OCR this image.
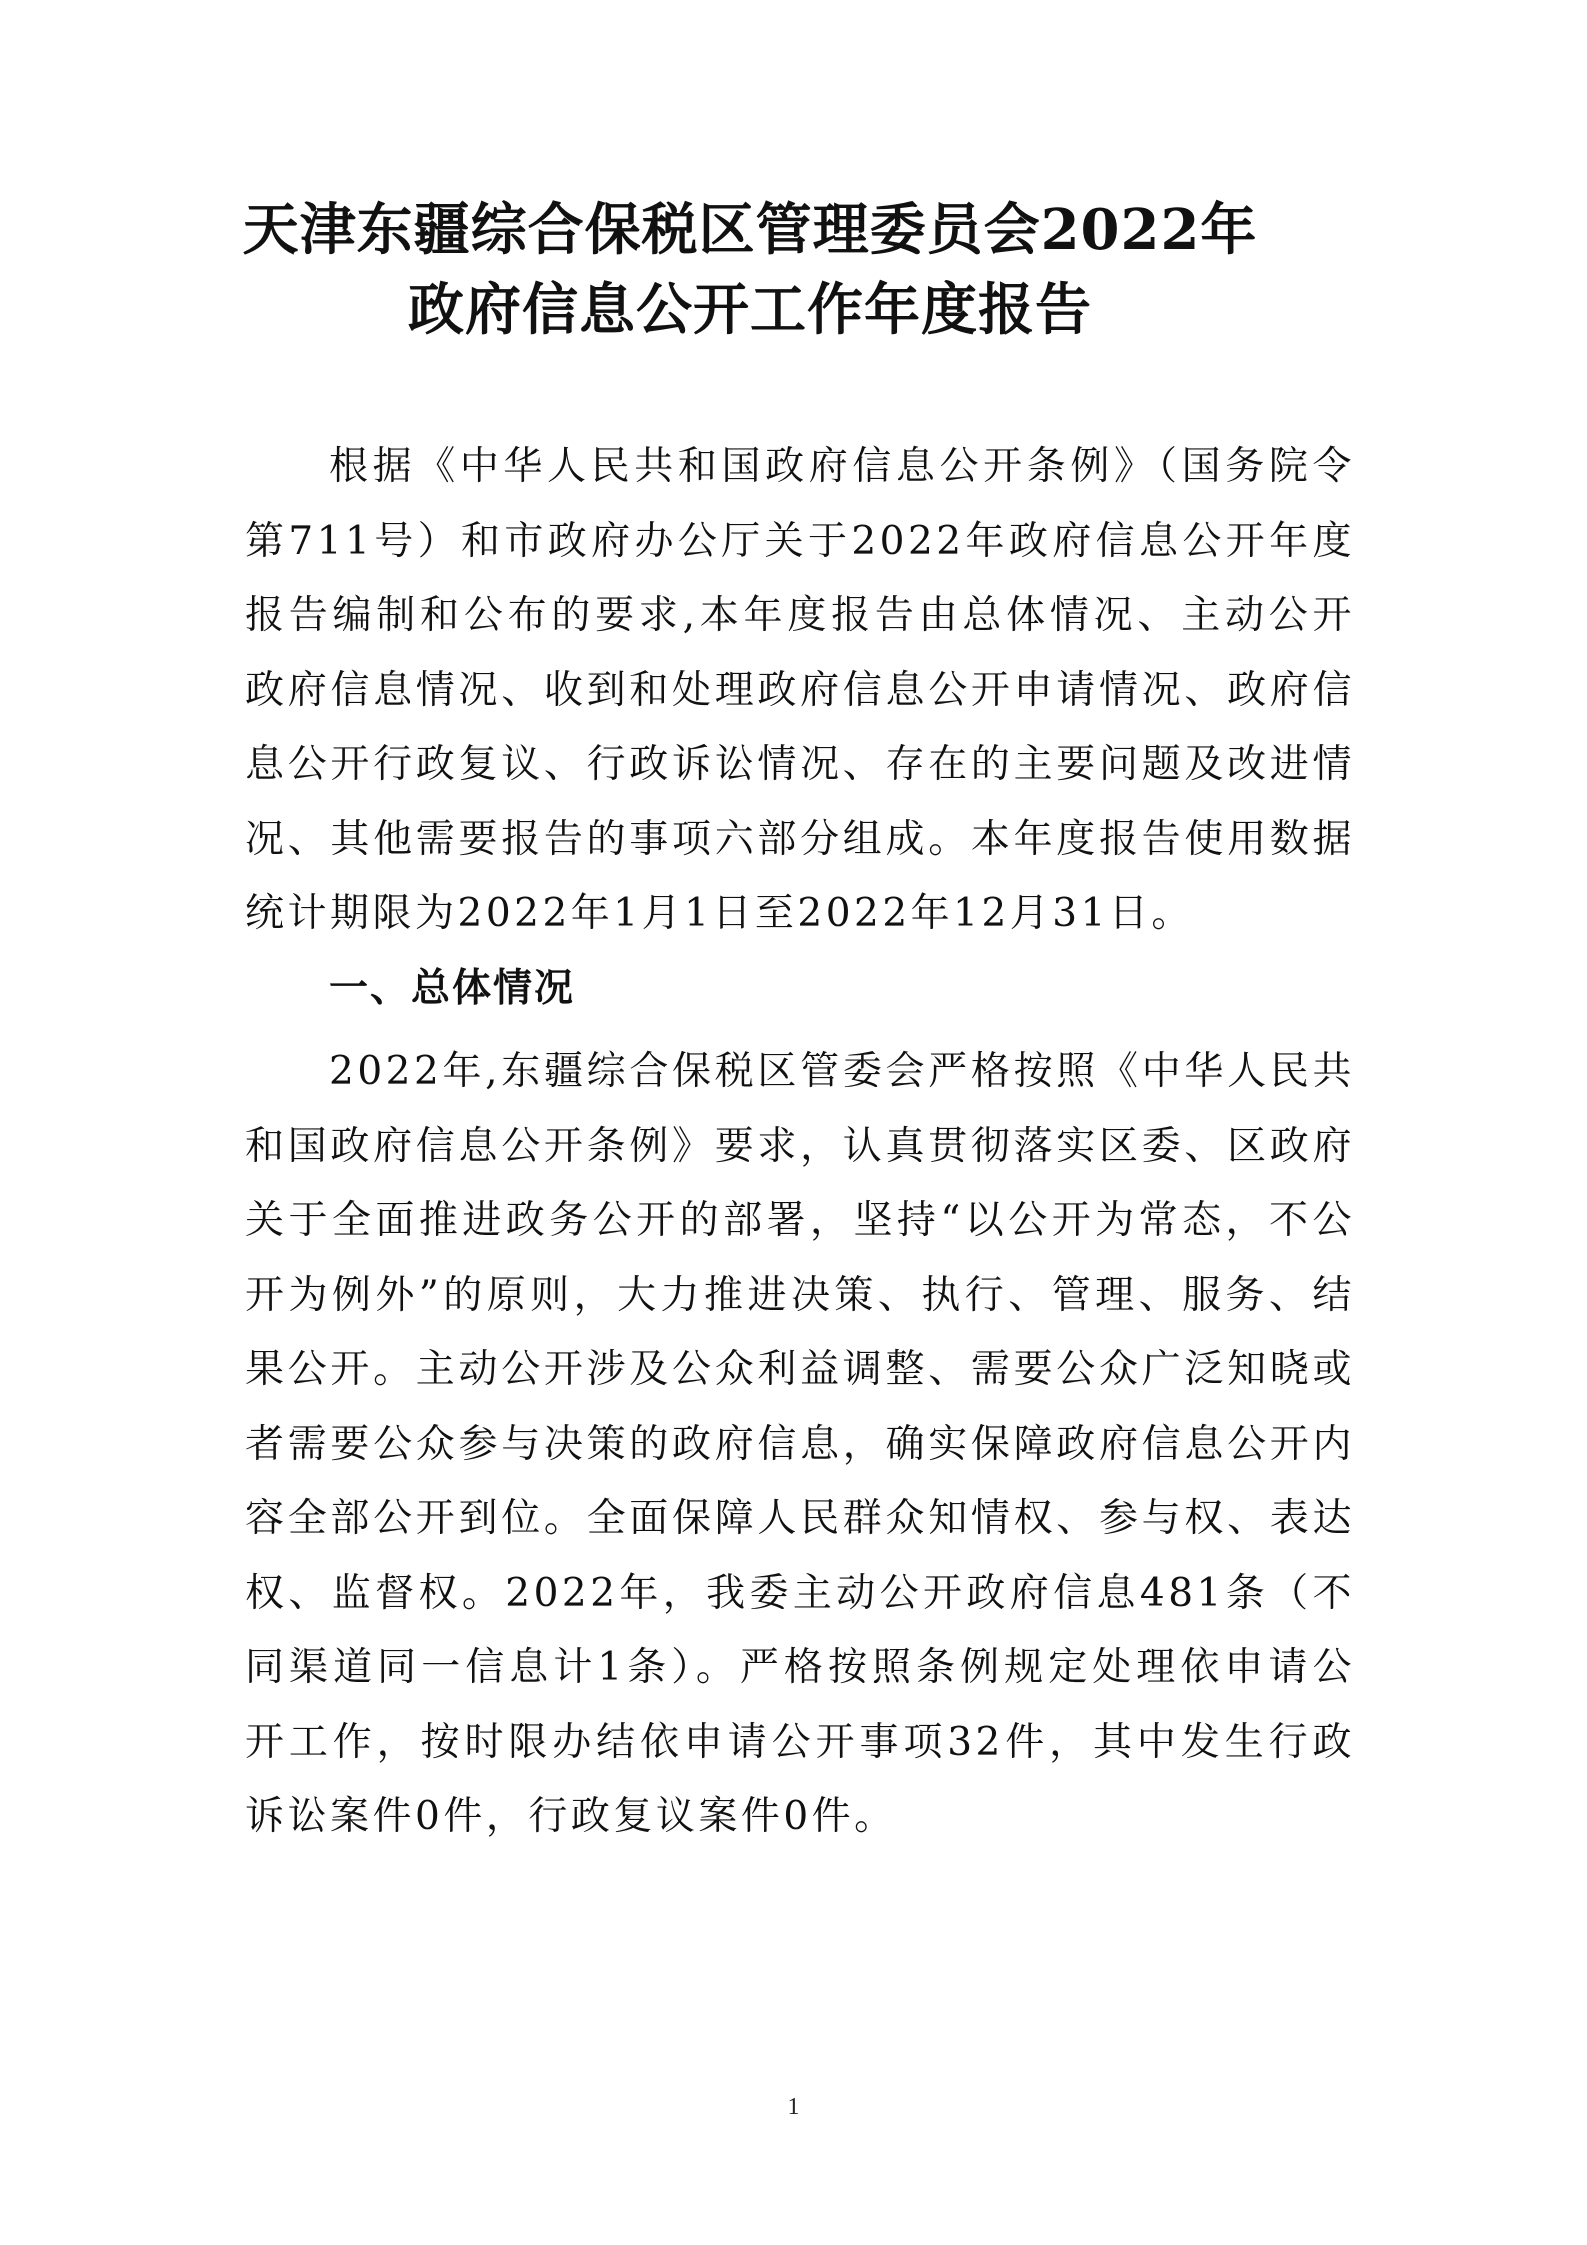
天津东疆综合保税区管理委员会2022年
政府信息公开工作年度报告

根据《中华人民共和国政府信息公开条例》（国务院令第711号）和市政府办公厅关于2022年政府信息公开年度报告编制和公布的要求,本年度报告由总体情况、主动公开政府信息情况、收到和处理政府信息公开申请情况、政府信息公开行政复议、行政诉讼情况、存在的主要问题及改进情况、其他需要报告的事项六部分组成。本年度报告使用数据统计期限为2022年1月1日至2022年12月31日。

一、总体情况

2022年,东疆综合保税区管委会严格按照《中华人民共和国政府信息公开条例》要求，认真贯彻落实区委、区政府关于全面推进政务公开的部署，坚持“以公开为常态，不公开为例外”的原则，大力推进决策、执行、管理、服务、结果公开。主动公开涉及公众利益调整、需要公众广泛知晓或者需要公众参与决策的政府信息，确实保障政府信息公开内容全部公开到位。全面保障人民群众知情权、参与权、表达权、监督权。2022年，我委主动公开政府信息481条（不同渠道同一信息计1条）。严格按照条例规定处理依申请公开工作，按时限办结依申请公开事项32件，其中发生行政诉讼案件0件，行政复议案件0件。

1
